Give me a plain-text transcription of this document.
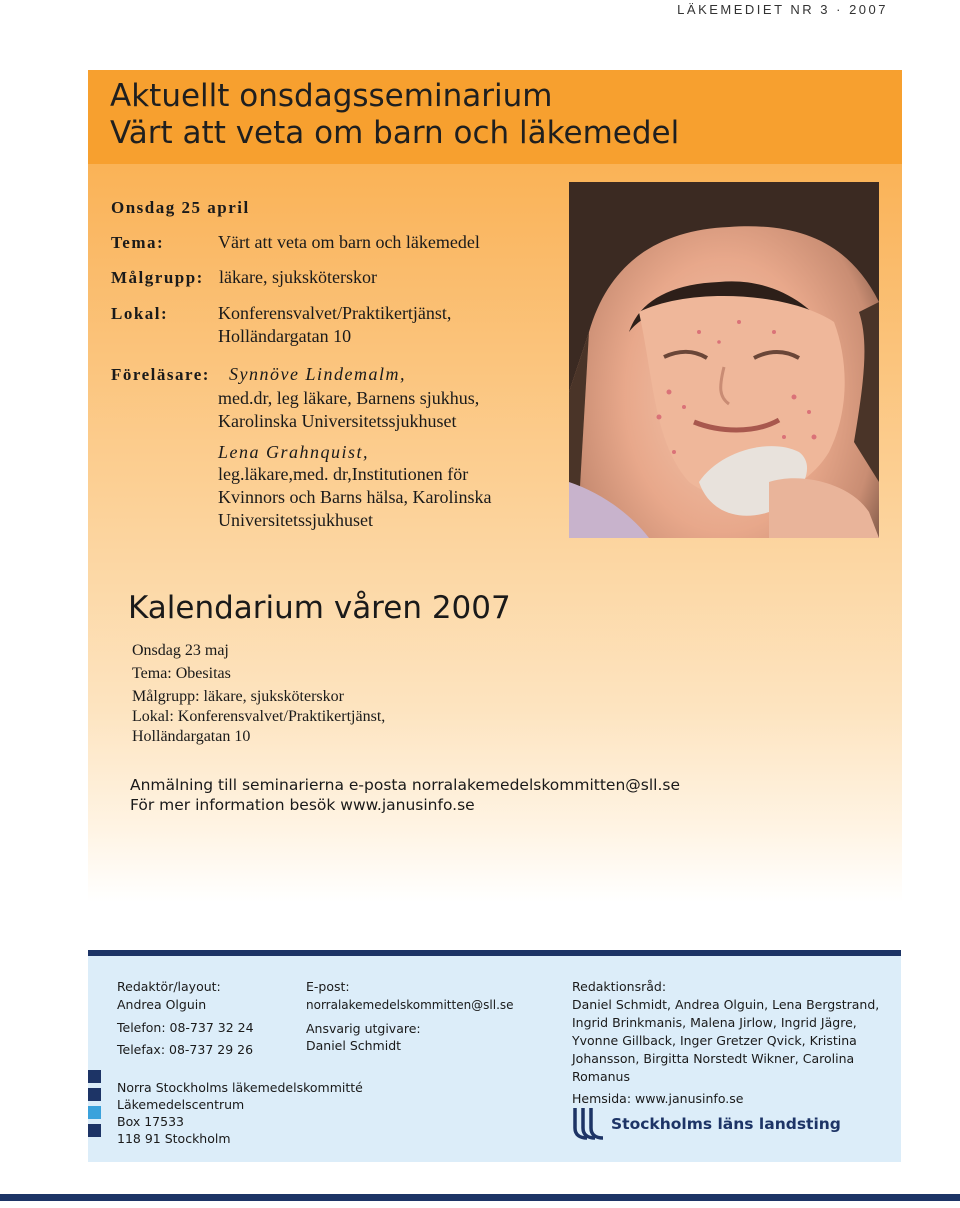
LÄKEMEDIET NR 3 · 2007
Aktuellt onsdagsseminarium
Värt att veta om barn och läkemedel
Onsdag 25 april
Tema:	Värt att veta om barn och läkemedel
Målgrupp: läkare, sjuksköterskor
Lokal:	Konferensvalvet/Praktikertjänst,
Holländargatan 10
Föreläsare: Synnöve Lindemalm,
med.dr, leg läkare, Barnens sjukhus,
Karolinska Universitetssjukhuset
Lena Grahnquist,
leg.läkare,med. dr,Institutionen för
Kvinnors och Barns hälsa, Karolinska
Universitetssjukhuset
Kalendarium våren 2007
Onsdag 23 maj
Tema: Obesitas
Målgrupp: läkare, sjuksköterskor
Lokal: Konferensvalvet/Praktikertjänst,
Holländargatan 10
Anmälning till seminarierna e-posta norralakemedelskommitten@sll.se
För mer information besök www.janusinfo.se
Redaktör/layout:
Andrea Olguin
Telefon: 08-737 32 24
Telefax: 08-737 29 26
E-post:
norralakemedelskommitten@sll.se
Ansvarig utgivare:
Daniel Schmidt
Redaktionsråd:
Daniel Schmidt, Andrea Olguin, Lena Bergstrand,
Ingrid Brinkmanis, Malena Jirlow, Ingrid Jägre,
Yvonne Gillback, Inger Gretzer Qvick, Kristina
Johansson, Birgitta Norstedt Wikner, Carolina
Romanus
Hemsida: www.janusinfo.se
Norra Stockholms läkemedelskommitté
Läkemedelscentrum
Box 17533
118 91 Stockholm
Stockholms läns landsting
